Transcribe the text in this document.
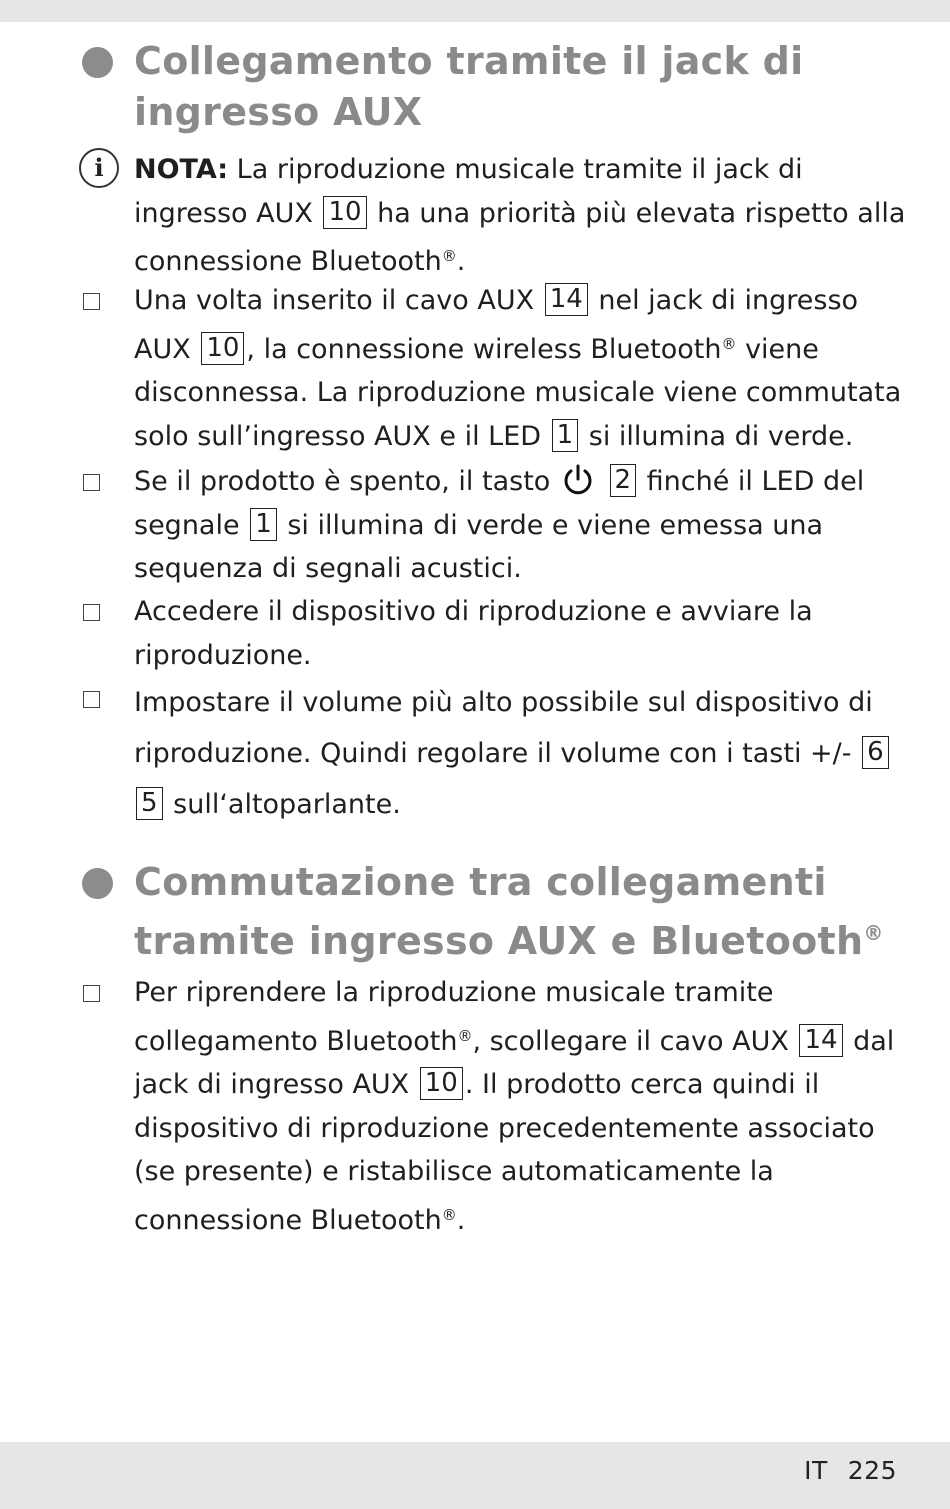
Collegamento tramite il jack di
ingresso AUX
i	NOTA: La riproduzione musicale tramite il jack di ingresso AUX 10 ha una priorità più elevata rispetto alla connessione Bluetooth®.
Una volta inserito il cavo AUX 14 nel jack di ingresso AUX 10 , la connessione wireless Bluetooth® viene disconnessa. La riproduzione musicale viene commutata solo sull’ingresso AUX e il LED 1 si illumina di verde.
Se il prodotto è spento, il tasto 2 finché il LED del segnale 1 si illumina di verde e viene emessa una sequenza di segnali acustici.
Accedere il dispositivo di riproduzione e avviare la riproduzione.
Impostare il volume più alto possibile sul dispositivo di riproduzione. Quindi regolare il volume con i tasti +/- 6 5 sull‘altoparlante.
Commutazione tra collegamenti
tramite ingresso AUX e Bluetooth®
Per riprendere la riproduzione musicale tramite collegamento Bluetooth®, scollegare il cavo AUX 14 dal jack di ingresso AUX 10 . Il prodotto cerca quindi il dispositivo di riproduzione precedentemente associato (se presente) e ristabilisce automaticamente la connessione Bluetooth®.
IT 225
